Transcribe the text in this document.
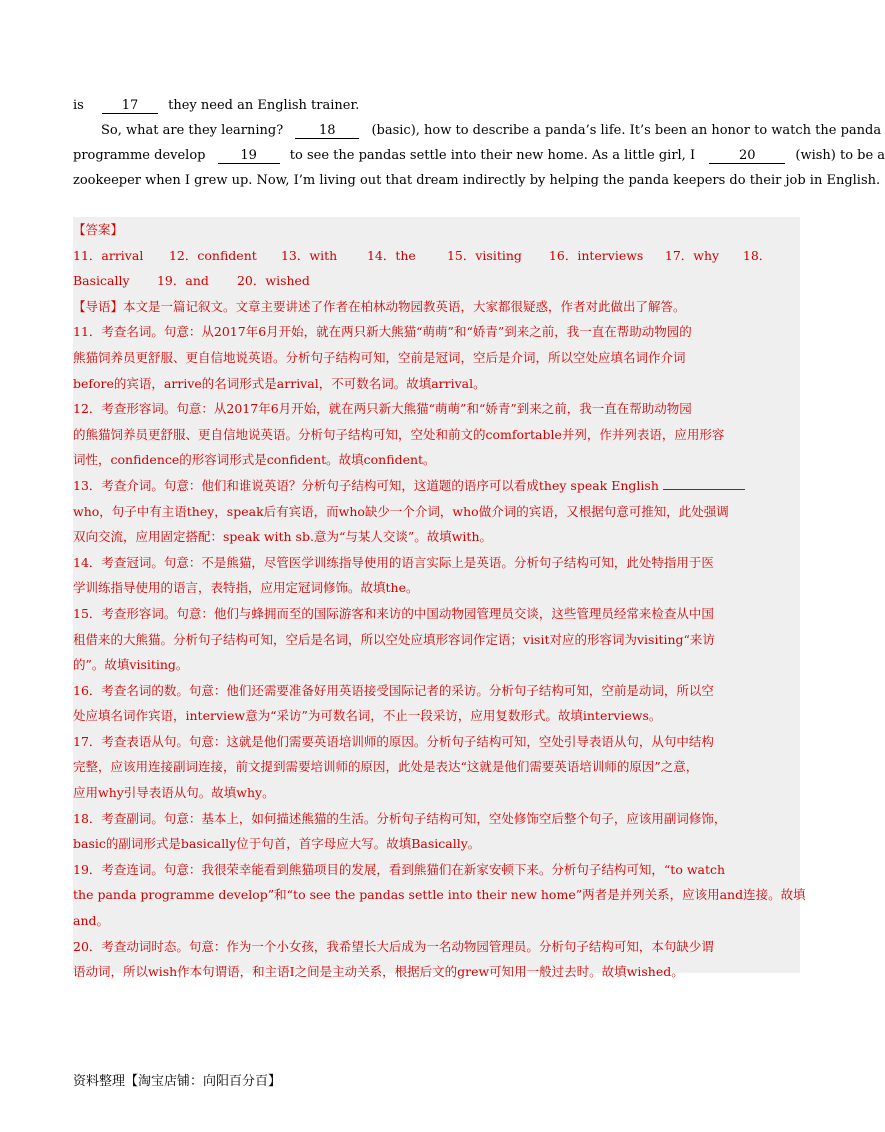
is	17 they need an English trainer.
So, what are they learning?	18	(basic), how to describe a panda’s life. It’s been an honor to watch the panda
programme develop	19	to see the pandas settle into their new home. As a little girl, I	20	(wish) to be a
zookeeper when I grew up. Now, I’m living out that dream indirectly by helping the panda keepers do their job in English.
【答案】
11．arrival 12．confident 13．with 14．the 15．visiting 16．interviews 17．why 18．
Basically 19．and 20．wished
【导语】本文是一篇记叙文。文章主要讲述了作者在柏林动物园教英语，大家都很疑惑，作者对此做出了解答。
11．考查名词。句意：从2017年6月开始，就在两只新大熊猫“萌萌”和“娇青”到来之前，我一直在帮助动物园的
熊猫饲养员更舒服、更自信地说英语。分析句子结构可知，空前是冠词，空后是介词，所以空处应填名词作介词
before的宾语，arrive的名词形式是arrival，不可数名词。故填arrival。
12．考查形容词。句意：从2017年6月开始，就在两只新大熊猫“萌萌”和“娇青”到来之前，我一直在帮助动物园
的熊猫饲养员更舒服、更自信地说英语。分析句子结构可知，空处和前文的comfortable并列，作并列表语，应用形容
词性，confidence的形容词形式是confident。故填confident。
13．考查介词。句意：他们和谁说英语？分析句子结构可知，这道题的语序可以看成they speak English
who，句子中有主语they，speak后有宾语，而who缺少一个介词，who做介词的宾语，又根据句意可推知，此处强调
双向交流，应用固定搭配：speak with sb.意为“与某人交谈”。故填with。
14．考查冠词。句意：不是熊猫，尽管医学训练指导使用的语言实际上是英语。分析句子结构可知，此处特指用于医
学训练指导使用的语言，表特指，应用定冠词修饰。故填the。
15．考查形容词。句意：他们与蜂拥而至的国际游客和来访的中国动物园管理员交谈，这些管理员经常来检查从中国
租借来的大熊猫。分析句子结构可知，空后是名词，所以空处应填形容词作定语；visit对应的形容词为visiting“来访
的”。故填visiting。
16．考查名词的数。句意：他们还需要准备好用英语接受国际记者的采访。分析句子结构可知，空前是动词，所以空
处应填名词作宾语，interview意为“采访”为可数名词，不止一段采访，应用复数形式。故填interviews。
17．考查表语从句。句意：这就是他们需要英语培训师的原因。分析句子结构可知，空处引导表语从句，从句中结构
完整，应该用连接副词连接，前文提到需要培训师的原因，此处是表达“这就是他们需要英语培训师的原因”之意，
应用why引导表语从句。故填why。
18．考查副词。句意：基本上，如何描述熊猫的生活。分析句子结构可知，空处修饰空后整个句子，应该用副词修饰，
basic的副词形式是basically位于句首，首字母应大写。故填Basically。
19．考查连词。句意：我很荣幸能看到熊猫项目的发展，看到熊猫们在新家安顿下来。分析句子结构可知，“to watch
the panda programme develop”和“to see the pandas settle into their new home”两者是并列关系，应该用and连接。故填
and。
20．考查动词时态。句意：作为一个小女孩，我希望长大后成为一名动物园管理员。分析句子结构可知，本句缺少谓
语动词，所以wish作本句谓语，和主语I之间是主动关系，根据后文的grew可知用一般过去时。故填wished。
资料整理【淘宝店铺：向阳百分百】
